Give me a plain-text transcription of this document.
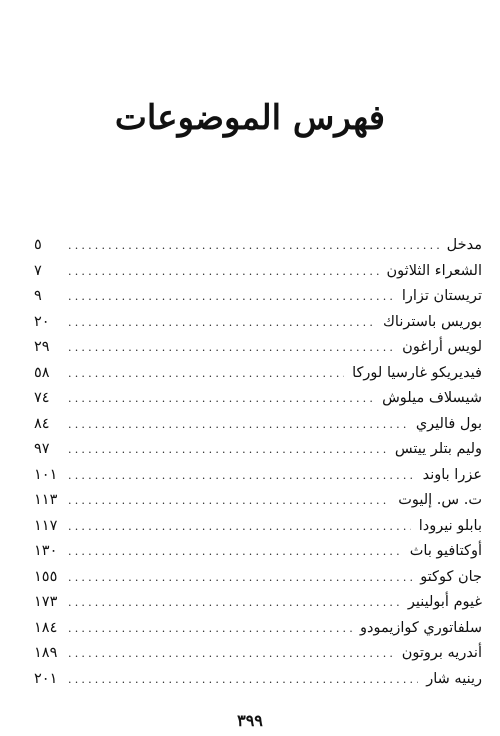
فهرس الموضوعات
مدخل
.....
٥
الشعراء الثلاثون
.....
٧
تريستان تزارا
.....
٩
بوريس باسترناك
.....
٢٠
لويس أراغون
.....
٢٩
فيديريكو غارسيا لوركا
.....
٥٨
شيسلاف ميلوش
.....
٧٤
بول فاليري
.....
٨٤
وليم بتلر ييتس
.....
٩٧
عزرا باوند
.....
١٠١
ت. س. إليوت
.....
١١٣
بابلو نيرودا
.....
١١٧
أوكتافيو باث
.....
١٣٠
جان كوكتو
.....
١٥٥
غيوم أبولينير
.....
١٧٣
سلفاتوري كوازيمودو
.....
١٨٤
أندريه بروتون
.....
١٨٩
رينيه شار
.....
٢٠١
٣٩٩
